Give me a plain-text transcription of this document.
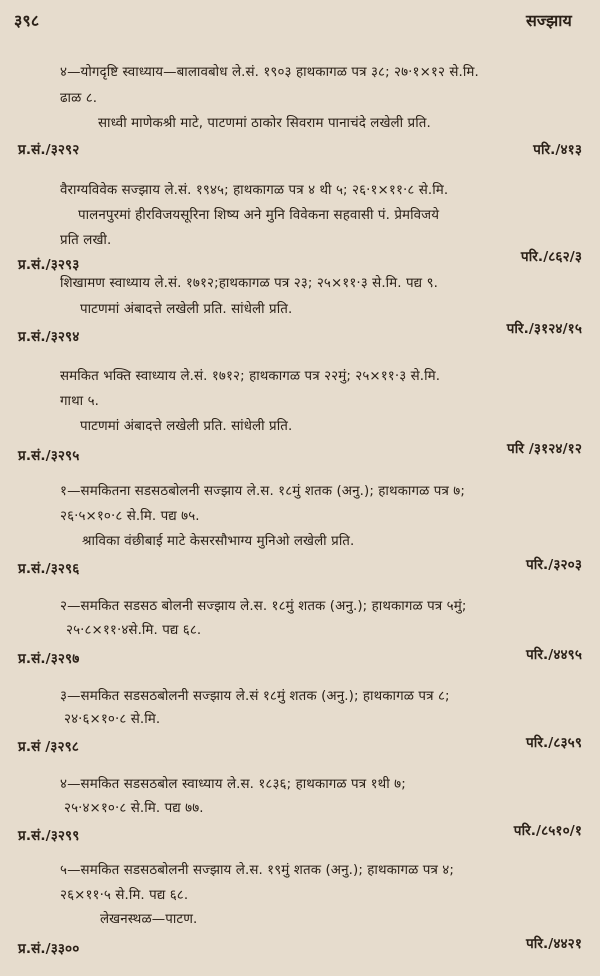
३९८	सज्झाय
४—योगदृष्टि स्वाध्याय—बालावबोध ले.सं. १९०३ हाथकागळ पत्र ३८; २७·१×१२ से.मि.
ढाळ ८.
साध्वी माणेकश्री माटे, पाटणमां ठाकोर सिवराम पानाचंदे लखेली प्रति.
प्र.सं./३२९२	परि./४१३
वैराग्यविवेक सज्झाय ले.सं. १९४५; हाथकागळ पत्र ४ थी ५; २६·१×११·८ से.मि.
पालनपुरमां हीरविजयसूरिना शिष्य अने मुनि विवेकना सहवासी पं. प्रेमविजये
प्रति लखी.
प्र.सं./३२९३	परि./८६२/३
शिखामण स्वाध्याय ले.सं. १७१२;हाथकागळ पत्र २३; २५×११·३ से.मि. पद्य ९.
पाटणमां अंबादत्ते लखेली प्रति. सांधेली प्रति.
प्र.सं./३२९४	परि./३१२४/१५
समकित भक्ति स्वाध्याय ले.सं. १७१२; हाथकागळ पत्र २२मुं; २५×११·३ से.मि.
गाथा ५.
पाटणमां अंबादत्ते लखेली प्रति. सांधेली प्रति.
प्र.सं./३२९५	परि /३१२४/१२
१—समकितना सडसठबोलनी सज्झाय ले.स. १८मुं शतक (अनु.); हाथकागळ पत्र ७;
२६·५×१०·८ से.मि. पद्य ७५.
श्राविका वंछीबाई माटे केसरसौभाग्य मुनिओ लखेली प्रति.
प्र.सं./३२९६	परि./३२०३
२—समकित सडसठ बोलनी सज्झाय ले.स. १८मुं शतक (अनु.); हाथकागळ पत्र ५मुं;
२५·८×११·४से.मि. पद्य ६८.
प्र.सं./३२९७	परि./४४९५
३—समकित सडसठबोलनी सज्झाय ले.सं १८मुं शतक (अनु.); हाथकागळ पत्र ८;
२४·६×१०·८ से.मि.
प्र.सं /३२९८	परि./८३५९
४—समकित सडसठबोल स्वाध्याय ले.स. १८३६; हाथकागळ पत्र १थी ७;
२५·४×१०·८ से.मि. पद्य ७७.
प्र.सं./३२९९	परि./८५१०/१
५—समकित सडसठबोलनी सज्झाय ले.स. १९मुं शतक (अनु.); हाथकागळ पत्र ४;
२६×११·५ से.मि. पद्य ६८.
लेखनस्थळ—पाटण.
प्र.सं./३३००	परि./४४२१
